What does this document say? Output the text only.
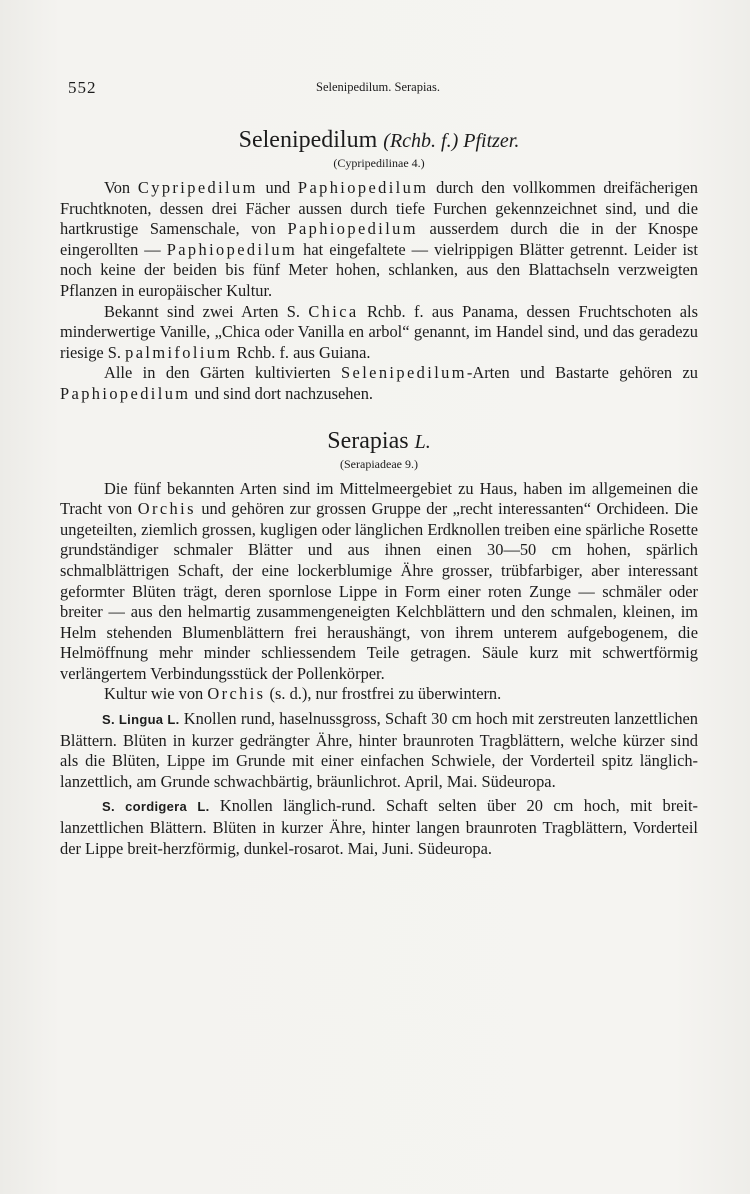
552	Selenipedilum. Serapias.
Selenipedilum (Rchb. f.) Pfitzer.
(Cypripedilinae 4.)

Von Cypripedilum und Paphiopedilum durch den vollkommen dreifächerigen Fruchtknoten, dessen drei Fächer aussen durch tiefe Furchen gekennzeichnet sind, und die hartkrustige Samenschale, von Paphiopedilum ausserdem durch die in der Knospe eingerollten — Paphiopedilum hat eingefaltete — vielrippigen Blätter getrennt. Leider ist noch keine der beiden bis fünf Meter hohen, schlanken, aus den Blattachseln verzweigten Pflanzen in europäischer Kultur.

Bekannt sind zwei Arten S. Chica Rchb. f. aus Panama, dessen Fruchtschoten als minderwertige Vanille, „Chica oder Vanilla en arbol“ genannt, im Handel sind, und das geradezu riesige S. palmifolium Rchb. f. aus Guiana.

Alle in den Gärten kultivierten Selenipedilum-Arten und Bastarte gehören zu Paphiopedilum und sind dort nachzusehen.

Serapias L.
(Serapiadeae 9.)

Die fünf bekannten Arten sind im Mittelmeergebiet zu Haus, haben im allgemeinen die Tracht von Orchis und gehören zur grossen Gruppe der „recht interessanten“ Orchideen. Die ungeteilten, ziemlich grossen, kugligen oder länglichen Erdknollen treiben eine spärliche Rosette grundständiger schmaler Blätter und aus ihnen einen 30—50 cm hohen, spärlich schmalblättrigen Schaft, der eine lockerblumige Ähre grosser, trübfarbiger, aber interessant geformter Blüten trägt, deren spornlose Lippe in Form einer roten Zunge — schmäler oder breiter — aus den helmartig zusammengeneigten Kelchblättern und den schmalen, kleinen, im Helm stehenden Blumenblättern frei heraushängt, von ihrem unterem aufgebogenem, die Helmöffnung mehr minder schliessendem Teile getragen. Säule kurz mit schwertförmig verlängertem Verbindungsstück der Pollenkörper.

Kultur wie von Orchis (s. d.), nur frostfrei zu überwintern.

S. Lingua L. Knollen rund, haselnussgross, Schaft 30 cm hoch mit zerstreuten lanzettlichen Blättern. Blüten in kurzer gedrängter Ähre, hinter braunroten Tragblättern, welche kürzer sind als die Blüten, Lippe im Grunde mit einer einfachen Schwiele, der Vorderteil spitz länglich-lanzettlich, am Grunde schwachbärtig, bräunlichrot. April, Mai. Südeuropa.

S. cordigera L. Knollen länglich-rund. Schaft selten über 20 cm hoch, mit breit-lanzettlichen Blättern. Blüten in kurzer Ähre, hinter langen braunroten Tragblättern, Vorderteil der Lippe breit-herzförmig, dunkel-rosarot. Mai, Juni. Südeuropa.
